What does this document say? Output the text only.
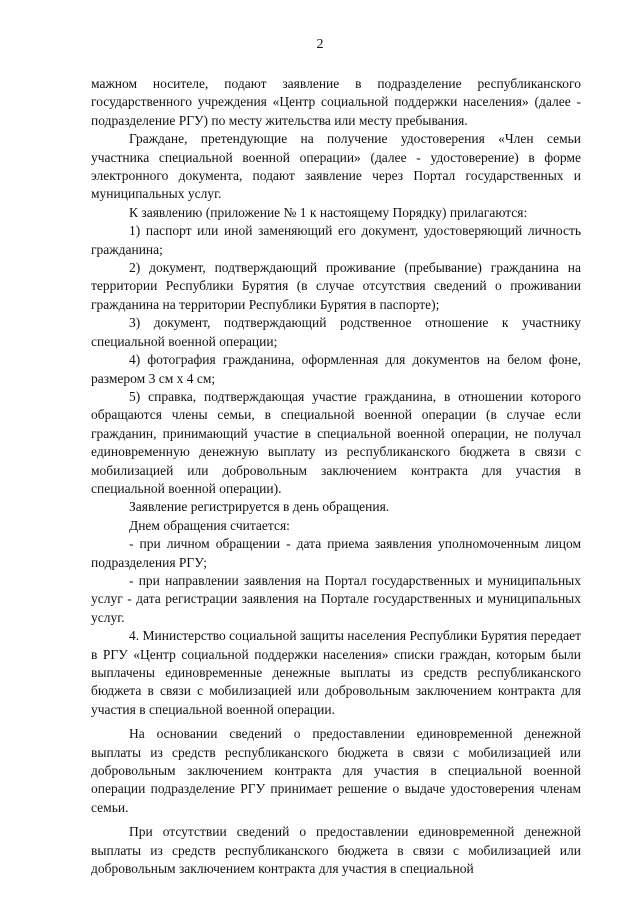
2

мажном носителе, подают заявление в подразделение республиканского государственного учреждения «Центр социальной поддержки населения» (далее - подразделение РГУ) по месту жительства или месту пребывания.

Граждане, претендующие на получение удостоверения «Член семьи участника специальной военной операции» (далее - удостоверение) в форме электронного документа, подают заявление через Портал государственных и муниципальных услуг.

К заявлению (приложение № 1 к настоящему Порядку) прилагаются:

1) паспорт или иной заменяющий его документ, удостоверяющий личность гражданина;

2) документ, подтверждающий проживание (пребывание) гражданина на территории Республики Бурятия (в случае отсутствия сведений о проживании гражданина на территории Республики Бурятия в паспорте);

3) документ, подтверждающий родственное отношение к участнику специальной военной операции;

4) фотография гражданина, оформленная для документов на белом фоне, размером 3 см х 4 см;

5) справка, подтверждающая участие гражданина, в отношении которого обращаются члены семьи, в специальной военной операции (в случае если гражданин, принимающий участие в специальной военной операции, не получал единовременную денежную выплату из республиканского бюджета в связи с мобилизацией или добровольным заключением контракта для участия в специальной военной операции).

Заявление регистрируется в день обращения.

Днем обращения считается:

- при личном обращении - дата приема заявления уполномоченным лицом подразделения РГУ;

- при направлении заявления на Портал государственных и муниципальных услуг - дата регистрации заявления на Портале государственных и муниципальных услуг.

4. Министерство социальной защиты населения Республики Бурятия передает в РГУ «Центр социальной поддержки населения» списки граждан, которым были выплачены единовременные денежные выплаты из средств республиканского бюджета в связи с мобилизацией или добровольным заключением контракта для участия в специальной военной операции.

На основании сведений о предоставлении единовременной денежной выплаты из средств республиканского бюджета в связи с мобилизацией или добровольным заключением контракта для участия в специальной военной операции подразделение РГУ принимает решение о выдаче удостоверения членам семьи.

При отсутствии сведений о предоставлении единовременной денежной выплаты из средств республиканского бюджета в связи с мобилизацией или добровольным заключением контракта для участия в специальной
